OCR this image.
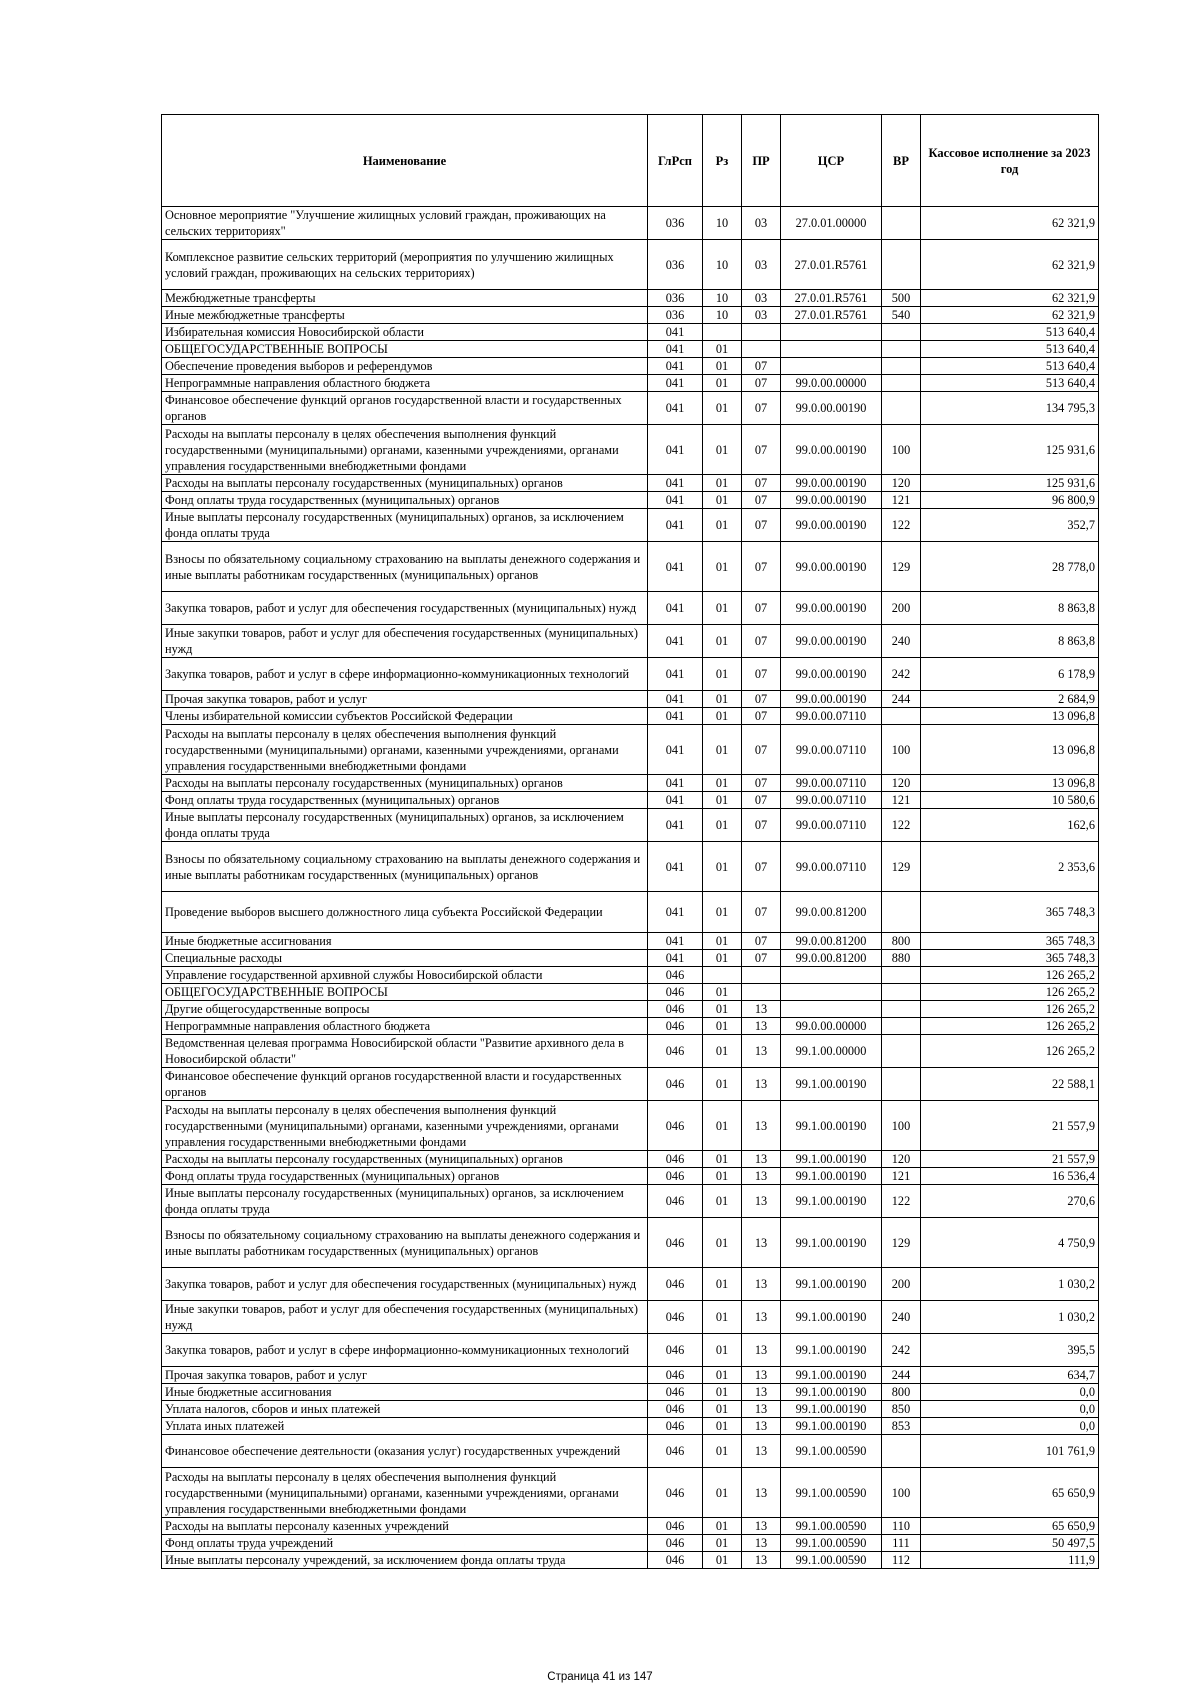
Наименование	ГлРсп	Рз	ПР	ЦСР	ВР	Кассовое исполнение за 2023 год
Основное мероприятие "Улучшение жилищных условий граждан, проживающих на сельских территориях"	036	10	03	27.0.01.00000		62 321,9
Комплексное развитие сельских территорий (мероприятия по улучшению жилищных условий граждан, проживающих на сельских территориях)	036	10	03	27.0.01.R5761		62 321,9
Межбюджетные трансферты	036	10	03	27.0.01.R5761	500	62 321,9
Иные межбюджетные трансферты	036	10	03	27.0.01.R5761	540	62 321,9
Избирательная комиссия Новосибирской области	041					513 640,4
ОБЩЕГОСУДАРСТВЕННЫЕ ВОПРОСЫ	041	01				513 640,4
Обеспечение проведения выборов и референдумов	041	01	07			513 640,4
Непрограммные направления областного бюджета	041	01	07	99.0.00.00000		513 640,4
Финансовое обеспечение функций органов государственной власти и государственных органов	041	01	07	99.0.00.00190		134 795,3
Расходы на выплаты персоналу в целях обеспечения выполнения функций государственными (муниципальными) органами, казенными учреждениями, органами управления государственными внебюджетными фондами	041	01	07	99.0.00.00190	100	125 931,6
Расходы на выплаты персоналу государственных (муниципальных) органов	041	01	07	99.0.00.00190	120	125 931,6
Фонд оплаты труда государственных (муниципальных) органов	041	01	07	99.0.00.00190	121	96 800,9
Иные выплаты персоналу государственных (муниципальных) органов, за исключением фонда оплаты труда	041	01	07	99.0.00.00190	122	352,7
Взносы по обязательному социальному страхованию на выплаты денежного содержания и иные выплаты работникам государственных (муниципальных) органов	041	01	07	99.0.00.00190	129	28 778,0
Закупка товаров, работ и услуг для обеспечения государственных (муниципальных) нужд	041	01	07	99.0.00.00190	200	8 863,8
Иные закупки товаров, работ и услуг для обеспечения государственных (муниципальных) нужд	041	01	07	99.0.00.00190	240	8 863,8
Закупка товаров, работ и услуг в сфере информационно-коммуникационных технологий	041	01	07	99.0.00.00190	242	6 178,9
Прочая закупка товаров, работ и услуг	041	01	07	99.0.00.00190	244	2 684,9
Члены избирательной комиссии субъектов Российской Федерации	041	01	07	99.0.00.07110		13 096,8
Расходы на выплаты персоналу в целях обеспечения выполнения функций государственными (муниципальными) органами, казенными учреждениями, органами управления государственными внебюджетными фондами	041	01	07	99.0.00.07110	100	13 096,8
Расходы на выплаты персоналу государственных (муниципальных) органов	041	01	07	99.0.00.07110	120	13 096,8
Фонд оплаты труда государственных (муниципальных) органов	041	01	07	99.0.00.07110	121	10 580,6
Иные выплаты персоналу государственных (муниципальных) органов, за исключением фонда оплаты труда	041	01	07	99.0.00.07110	122	162,6
Взносы по обязательному социальному страхованию на выплаты денежного содержания и иные выплаты работникам государственных (муниципальных) органов	041	01	07	99.0.00.07110	129	2 353,6
Проведение выборов высшего должностного лица субъекта Российской Федерации	041	01	07	99.0.00.81200		365 748,3
Иные бюджетные ассигнования	041	01	07	99.0.00.81200	800	365 748,3
Специальные расходы	041	01	07	99.0.00.81200	880	365 748,3
Управление государственной архивной службы Новосибирской области	046					126 265,2
ОБЩЕГОСУДАРСТВЕННЫЕ ВОПРОСЫ	046	01				126 265,2
Другие общегосударственные вопросы	046	01	13			126 265,2
Непрограммные направления областного бюджета	046	01	13	99.0.00.00000		126 265,2
Ведомственная целевая программа Новосибирской области "Развитие архивного дела в Новосибирской области"	046	01	13	99.1.00.00000		126 265,2
Финансовое обеспечение функций органов государственной власти и государственных органов	046	01	13	99.1.00.00190		22 588,1
Расходы на выплаты персоналу в целях обеспечения выполнения функций государственными (муниципальными) органами, казенными учреждениями, органами управления государственными внебюджетными фондами	046	01	13	99.1.00.00190	100	21 557,9
Расходы на выплаты персоналу государственных (муниципальных) органов	046	01	13	99.1.00.00190	120	21 557,9
Фонд оплаты труда государственных (муниципальных) органов	046	01	13	99.1.00.00190	121	16 536,4
Иные выплаты персоналу государственных (муниципальных) органов, за исключением фонда оплаты труда	046	01	13	99.1.00.00190	122	270,6
Взносы по обязательному социальному страхованию на выплаты денежного содержания и иные выплаты работникам государственных (муниципальных) органов	046	01	13	99.1.00.00190	129	4 750,9
Закупка товаров, работ и услуг для обеспечения государственных (муниципальных) нужд	046	01	13	99.1.00.00190	200	1 030,2
Иные закупки товаров, работ и услуг для обеспечения государственных (муниципальных) нужд	046	01	13	99.1.00.00190	240	1 030,2
Закупка товаров, работ и услуг в сфере информационно-коммуникационных технологий	046	01	13	99.1.00.00190	242	395,5
Прочая закупка товаров, работ и услуг	046	01	13	99.1.00.00190	244	634,7
Иные бюджетные ассигнования	046	01	13	99.1.00.00190	800	0,0
Уплата налогов, сборов и иных платежей	046	01	13	99.1.00.00190	850	0,0
Уплата иных платежей	046	01	13	99.1.00.00190	853	0,0
Финансовое обеспечение деятельности (оказания услуг) государственных учреждений	046	01	13	99.1.00.00590		101 761,9
Расходы на выплаты персоналу в целях обеспечения выполнения функций государственными (муниципальными) органами, казенными учреждениями, органами управления государственными внебюджетными фондами	046	01	13	99.1.00.00590	100	65 650,9
Расходы на выплаты персоналу казенных учреждений	046	01	13	99.1.00.00590	110	65 650,9
Фонд оплаты труда учреждений	046	01	13	99.1.00.00590	111	50 497,5
Иные выплаты персоналу учреждений, за исключением фонда оплаты труда	046	01	13	99.1.00.00590	112	111,9
Страница 41 из 147
